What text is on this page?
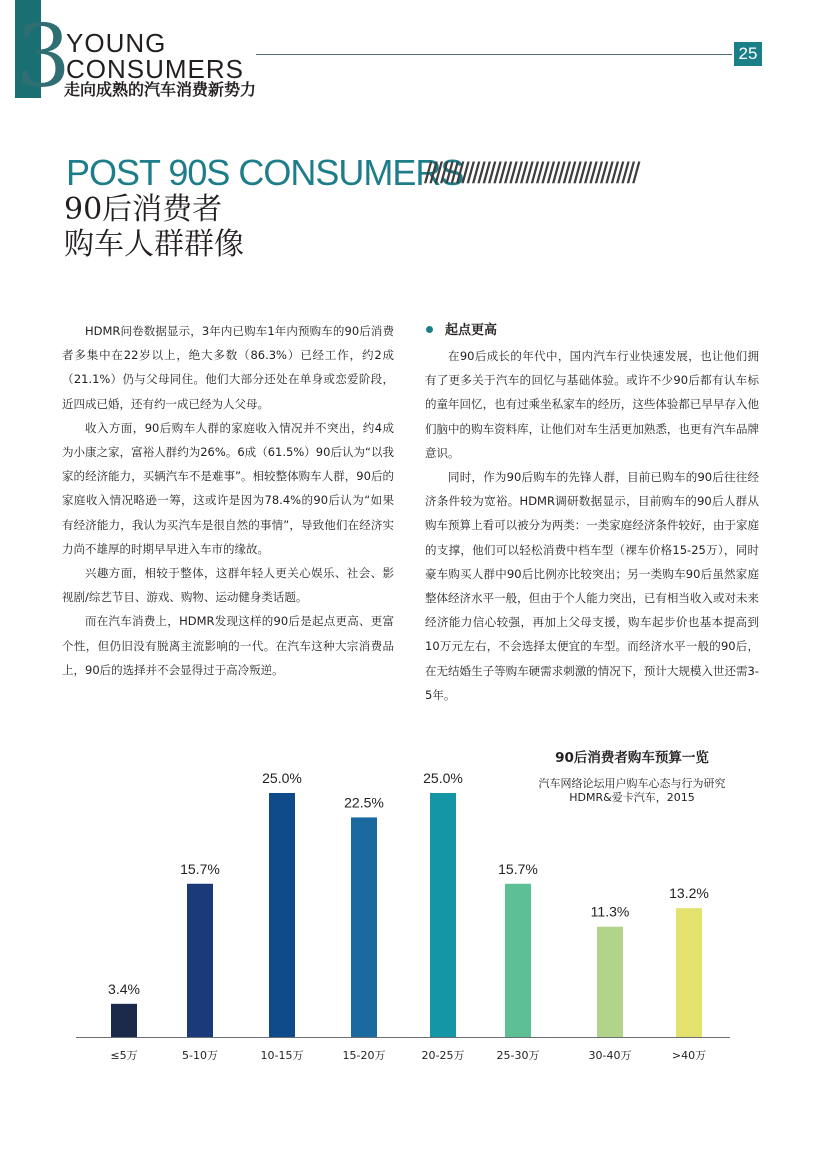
3
YOUNG
CONSUMERS
走向成熟的汽车消费新势力
25
POST 90S CONSUMERS
////////////////////////////////////////
90后消费者
购车人群群像

HDMR问卷数据显示，3年内已购车1年内预购车的90后消费者多集中在22岁以上，绝大多数（86.3%）已经工作，约2成（21.1%）仍与父母同住。他们大部分还处在单身或恋爱阶段，近四成已婚，还有约一成已经为人父母。

收入方面，90后购车人群的家庭收入情况并不突出，约4成为小康之家，富裕人群约为26%。6成（61.5%）90后认为“以我家的经济能力，买辆汽车不是难事”。相较整体购车人群，90后的家庭收入情况略逊一筹，这或许是因为78.4%的90后认为“如果有经济能力，我认为买汽车是很自然的事情”，导致他们在经济实力尚不雄厚的时期早早进入车市的缘故。

兴趣方面，相较于整体，这群年轻人更关心娱乐、社会、影视剧/综艺节目、游戏、购物、运动健身类话题。

而在汽车消费上，HDMR发现这样的90后是起点更高、更富个性，但仍旧没有脱离主流影响的一代。在汽车这种大宗消费品上，90后的选择并不会显得过于高冷叛逆。

起点更高

在90后成长的年代中，国内汽车行业快速发展，也让他们拥有了更多关于汽车的回忆与基础体验。或许不少90后都有认车标的童年回忆，也有过乘坐私家车的经历，这些体验都已早早存入他们脑中的购车资料库，让他们对车生活更加熟悉，也更有汽车品牌意识。

同时，作为90后购车的先锋人群，目前已购车的90后往往经济条件较为宽裕。HDMR调研数据显示，目前购车的90后人群从购车预算上看可以被分为两类：一类家庭经济条件较好，由于家庭的支撑，他们可以轻松消费中档车型（裸车价格15-25万），同时豪车购买人群中90后比例亦比较突出；另一类购车90后虽然家庭整体经济水平一般，但由于个人能力突出，已有相当收入或对未来经济能力信心较强，再加上父母支援，购车起步价也基本提高到10万元左右，不会选择太便宜的车型。而经济水平一般的90后，在无结婚生子等购车硬需求刺激的情况下，预计大规模入世还需3-5年。

90后消费者购车预算一览
汽车网络论坛用户购车心态与行为研究
HDMR&爱卡汽车，2015
3.4%
≤5万
15.7%
5-10万
25.0%
10-15万
22.5%
15-20万
25.0%
20-25万
15.7%
25-30万
11.3%
30-40万
13.2%
>40万
